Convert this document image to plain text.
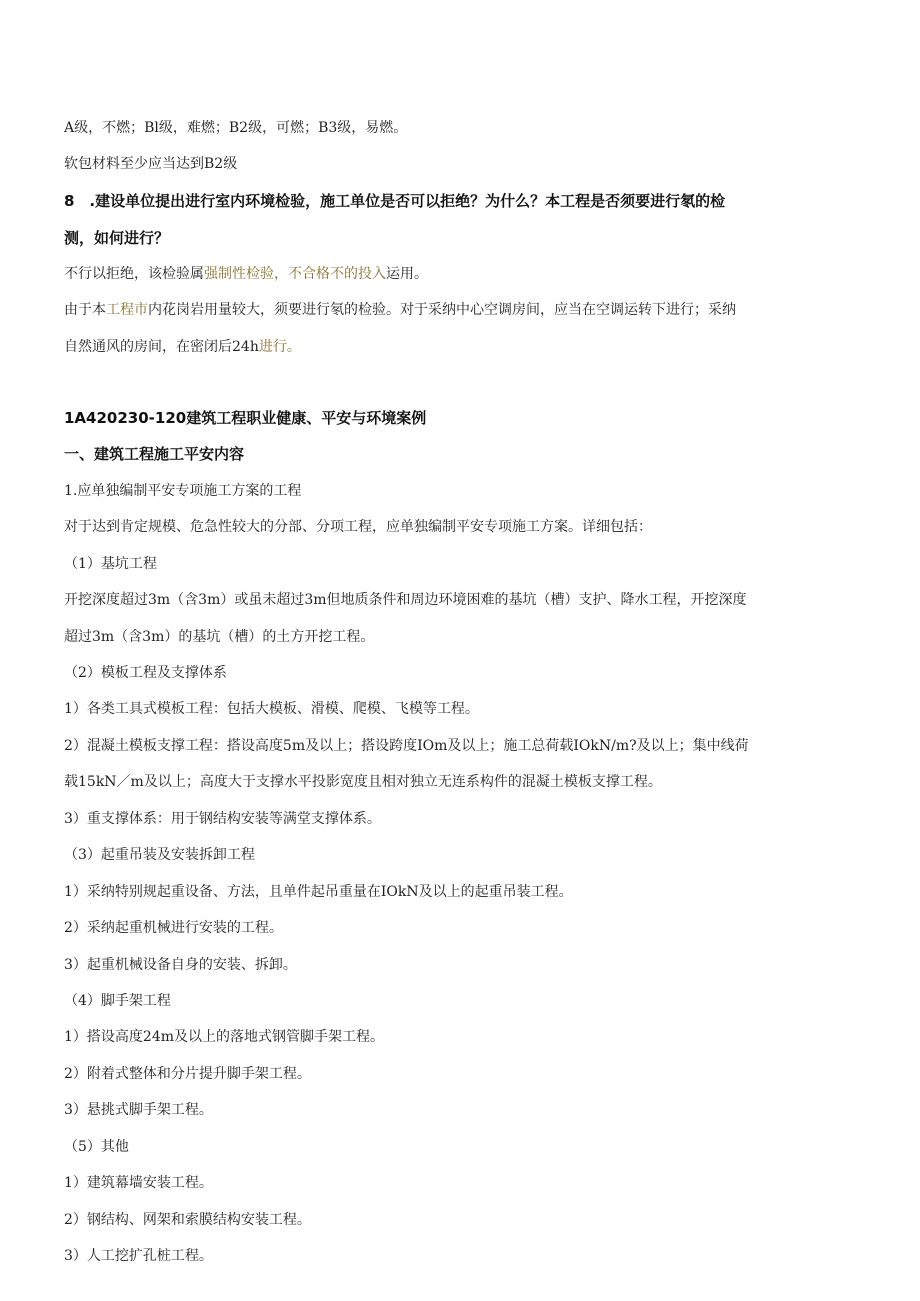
A级，不燃；Bl级，难燃；B2级，可燃；B3级，易燃。
软包材料至少应当达到B2级
8　.建设单位提出进行室内环境检验，施工单位是否可以拒绝？为什么？本工程是否须要进行氡的检
测，如何进行？
不行以拒绝，该检验属强制性检验，不合格不的投入运用。
由于本工程市内花岗岩用量较大，须要进行氡的检验。对于采纳中心空调房间，应当在空调运转下进行；采纳
自然通风的房间，在密闭后24h进行。
1A420230-120建筑工程职业健康、平安与环境案例
一、建筑工程施工平安内容
1.应单独编制平安专项施工方案的工程
对于达到肯定规模、危急性较大的分部、分项工程，应单独编制平安专项施工方案。详细包括：
（1）基坑工程
开挖深度超过3m（含3m）或虽未超过3m但地质条件和周边环境困难的基坑（槽）支护、降水工程，开挖深度
超过3m（含3m）的基坑（槽）的土方开挖工程。
（2）模板工程及支撑体系
1）各类工具式模板工程：包括大模板、滑模、爬模、飞模等工程。
2）混凝土模板支撑工程：搭设高度5m及以上；搭设跨度IOm及以上；施工总荷载IOkN/m?及以上；集中线荷
载15kN／m及以上；高度大于支撑水平投影宽度且相对独立无连系构件的混凝土模板支撑工程。
3）重支撑体系：用于钢结构安装等满堂支撑体系。
（3）起重吊装及安装拆卸工程
1）采纳特别规起重设备、方法，且单件起吊重量在IOkN及以上的起重吊装工程。
2）采纳起重机械进行安装的工程。
3）起重机械设备自身的安装、拆卸。
（4）脚手架工程
1）搭设高度24m及以上的落地式钢管脚手架工程。
2）附着式整体和分片提升脚手架工程。
3）悬挑式脚手架工程。
（5）其他
1）建筑幕墙安装工程。
2）钢结构、网架和索膜结构安装工程。
3）人工挖扩孔桩工程。
